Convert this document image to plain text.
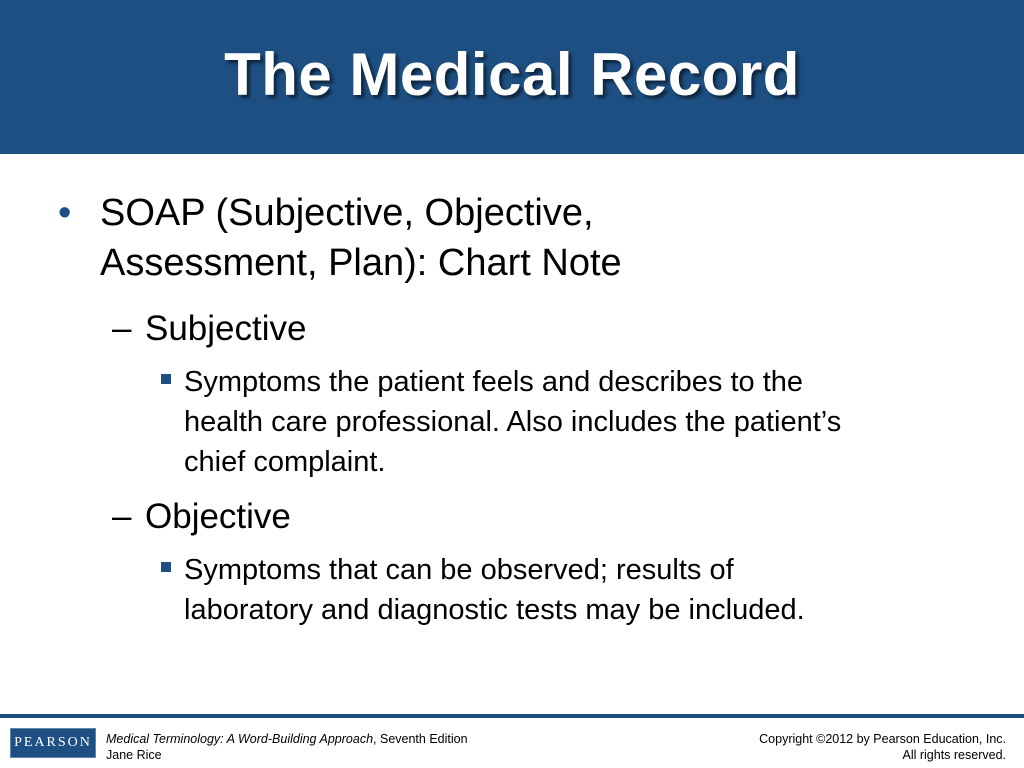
The Medical Record
• SOAP (Subjective, Objective,
Assessment, Plan): Chart Note
– Subjective
Symptoms the patient feels and describes to the
health care professional. Also includes the patient’s
chief complaint.
– Objective
Symptoms that can be observed; results of
laboratory and diagnostic tests may be included.
PEARSON	Medical Terminology: A Word-Building Approach, Seventh Edition
Jane Rice
Copyright ©2012 by Pearson Education, Inc.
All rights reserved.
